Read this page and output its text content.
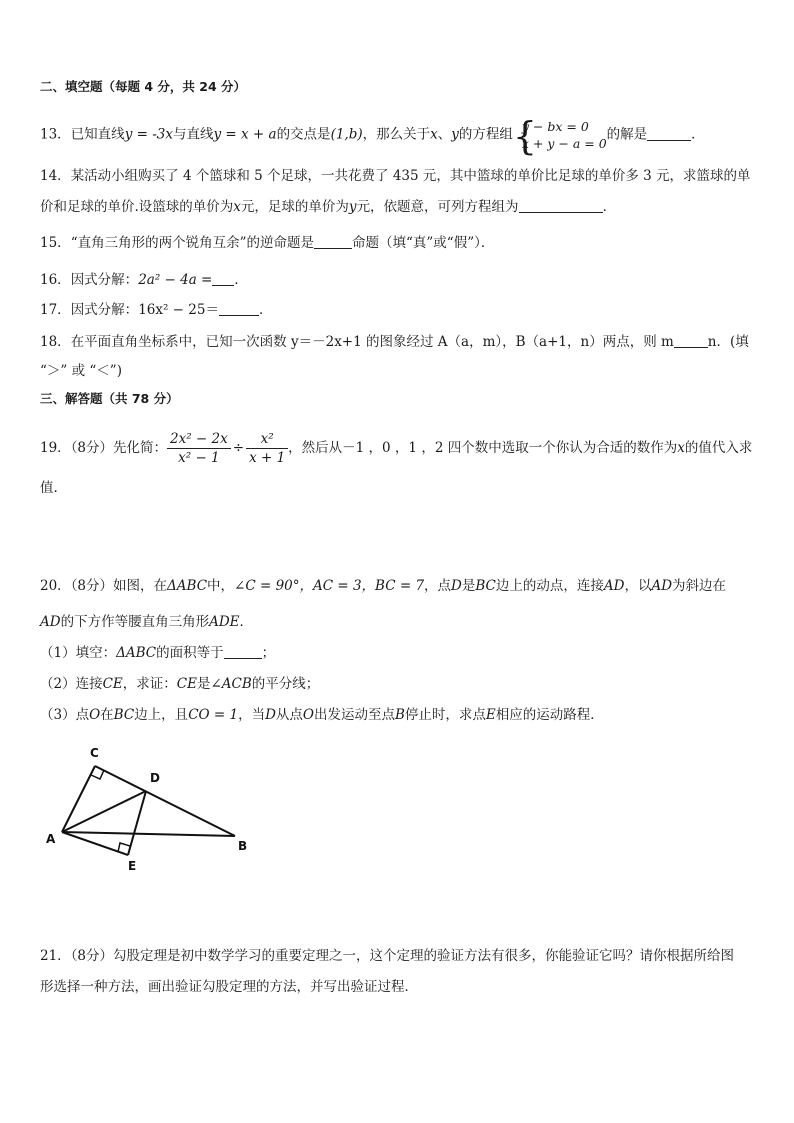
二、填空题（每题 4 分，共 24 分）
13．已知直线y = -3x与直线y = x + a的交点是(1,b)，那么关于x、y的方程组 {
y − bx = 0
x + y − a = 0
的解是	．
14．某活动小组购买了 4 个篮球和 5 个足球，一共花费了 435 元，其中篮球的单价比足球的单价多 3 元，求篮球的单
价和足球的单价.设篮球的单价为x元，足球的单价为y元，依题意，可列方程组为	．
15．“直角三角形的两个锐角互余”的逆命题是	命题（填“真”或“假”）．
16．因式分解：2a² − 4a = ．
17．因式分解：16x² − 25＝	．
18．在平面直角坐标系中，已知一次函数 y＝－2x+1 的图象经过 A（a，m），B（a+1，n）两点，则 m	n．(填
“＞” 或 “＜”)
三、解答题（共 78 分）
19．（8分）先化简： $\frac{\text{2x² − 2x}}{\text{x² − 1}} \div \frac{\text{x²}}{x + 1}$ ，然后从－1 ，0 ，1 ，2 四个数中选取一个你认为合适的数作为x的值代入求
值.
20．（8分）如图，在ΔABC中，∠C = 90°，AC = 3，BC = 7，点D是BC边上的动点，连接AD，以AD为斜边在
AD的下方作等腰直角三角形ADE．
（1）填空：ΔABC的面积等于	；
（2）连接CE，求证：CE是∠ACB的平分线；
（3）点O在BC边上，且CO = 1，当D从点O出发运动至点B停止时，求点E相应的运动路程．
C
D
A
E
B
21．（8分）勾股定理是初中数学学习的重要定理之一，这个定理的验证方法有很多，你能验证它吗？请你根据所给图
形选择一种方法，画出验证勾股定理的方法，并写出验证过程．
